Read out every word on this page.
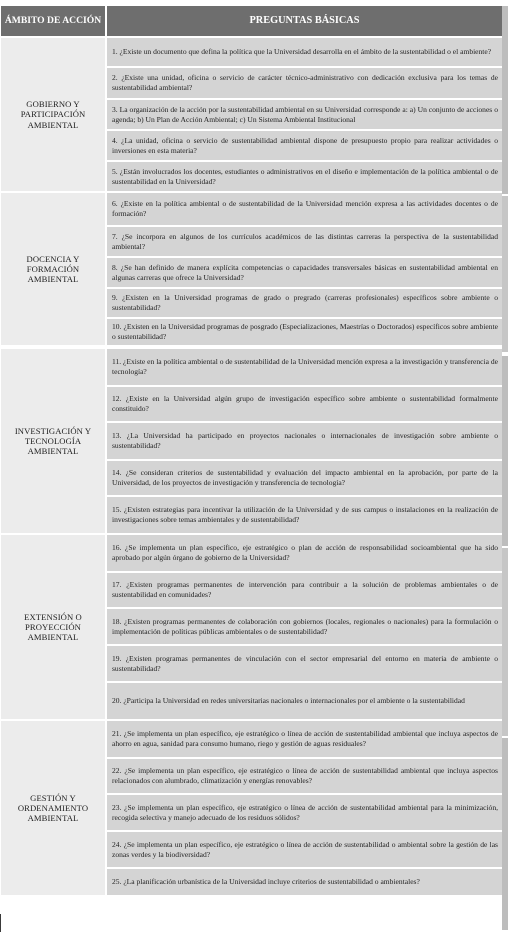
ÁMBITO DE ACCIÓN	PREGUNTAS BÁSICAS
GOBIERNO Y PARTICIPACIÓN AMBIENTAL
1. ¿Existe un documento que defina la política que la Universidad desarrolla en el ámbito de la sustentabilidad o el ambiente?
2. ¿Existe una unidad, oficina o servicio de carácter técnico-administrativo con dedicación exclusiva para los temas de sustentabilidad ambiental?
3. La organización de la acción por la sustentabilidad ambiental en su Universidad corresponde a: a) Un conjunto de acciones o agenda; b) Un Plan de Acción Ambiental; c) Un Sistema Ambiental Institucional
4. ¿La unidad, oficina o servicio de sustentabilidad ambiental dispone de presupuesto propio para realizar actividades o inversiones en esta materia?
5. ¿Están involucrados los docentes, estudiantes o administrativos en el diseño e implementación de la política ambiental o de sustentabilidad en la Universidad?
DOCENCIA Y FORMACIÓN AMBIENTAL
6. ¿Existe en la política ambiental o de sustentabilidad de la Universidad mención expresa a las actividades docentes o de formación?
7. ¿Se incorpora en algunos de los currículos académicos de las distintas carreras la perspectiva de la sustentabilidad ambiental?
8. ¿Se han definido de manera explícita competencias o capacidades transversales básicas en sustentabilidad ambiental en algunas carreras que ofrece la Universidad?
9. ¿Existen en la Universidad programas de grado o pregrado (carreras profesionales) específicos sobre ambiente o sustentabilidad?
10. ¿Existen en la Universidad programas de posgrado (Especializaciones, Maestrías o Doctorados) específicos sobre ambiente o sustentabilidad?
INVESTIGACIÓN Y TECNOLOGÍA AMBIENTAL
11. ¿Existe en la política ambiental o de sustentabilidad de la Universidad mención expresa a la investigación y transferencia de tecnología?
12. ¿Existe en la Universidad algún grupo de investigación específico sobre ambiente o sustentabilidad formalmente constituido?
13. ¿La Universidad ha participado en proyectos nacionales o internacionales de investigación sobre ambiente o sustentabilidad?
14. ¿Se consideran criterios de sustentabilidad y evaluación del impacto ambiental en la aprobación, por parte de la Universidad, de los proyectos de investigación y transferencia de tecnología?
15. ¿Existen estrategias para incentivar la utilización de la Universidad y de sus campus o instalaciones en la realización de investigaciones sobre temas ambientales y de sustentabilidad?
EXTENSIÓN O PROYECCIÓN AMBIENTAL
16. ¿Se implementa un plan específico, eje estratégico o plan de acción de responsabilidad socioambiental que ha sido aprobado por algún órgano de gobierno de la Universidad?
17. ¿Existen programas permanentes de intervención para contribuir a la solución de problemas ambientales o de sustentabilidad en comunidades?
18. ¿Existen programas permanentes de colaboración con gobiernos (locales, regionales o nacionales) para la formulación o implementación de políticas públicas ambientales o de sustentabilidad?
19. ¿Existen programas permanentes de vinculación con el sector empresarial del entorno en materia de ambiente o sustentabilidad?
20. ¿Participa la Universidad en redes universitarias nacionales o internacionales por el ambiente o la sustentabilidad
GESTIÓN Y ORDENAMIENTO AMBIENTAL
21. ¿Se implementa un plan específico, eje estratégico o línea de acción de sustentabilidad ambiental que incluya aspectos de ahorro en agua, sanidad para consumo humano, riego y gestión de aguas residuales?
22. ¿Se implementa un plan específico, eje estratégico o línea de acción de sustentabilidad ambiental que incluya aspectos relacionados con alumbrado, climatización y energías renovables?
23. ¿Se implementa un plan específico, eje estratégico o línea de acción de sustentabilidad ambiental para la minimización, recogida selectiva y manejo adecuado de los residuos sólidos?
24. ¿Se implementa un plan específico, eje estratégico o línea de acción de sustentabilidad o ambiental sobre la gestión de las zonas verdes y la biodiversidad?
25. ¿La planificación urbanística de la Universidad incluye criterios de sustentabilidad o ambientales?
